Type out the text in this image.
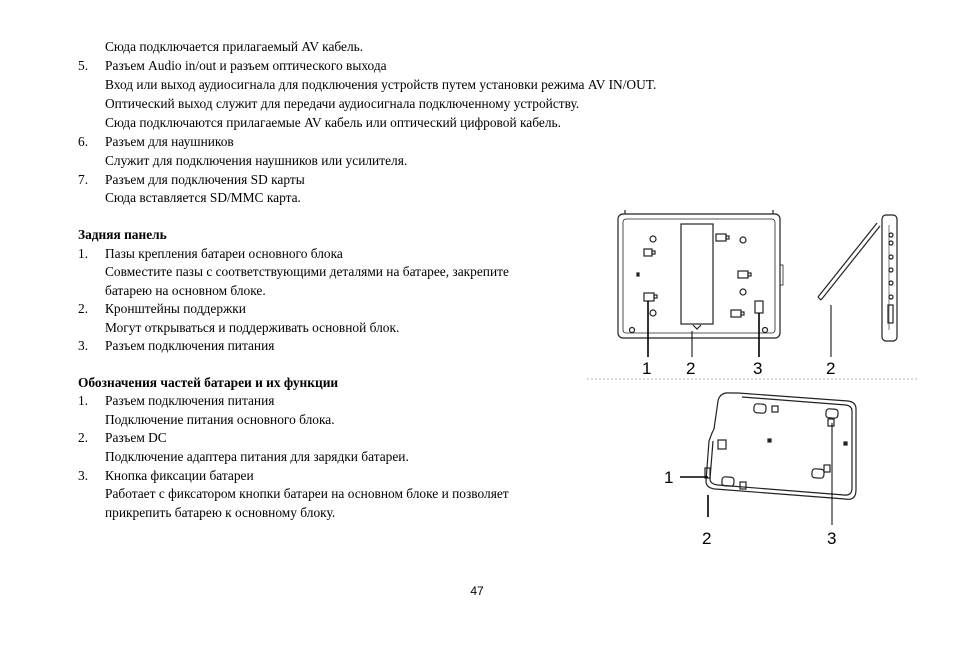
Сюда подключается прилагаемый AV кабель.
5. Разъем Audio in/out и разъем оптического выхода
Вход или выход аудиосигнала для подключения устройств путем установки режима AV IN/OUT.
Оптический выход служит для передачи аудиосигнала подключенному устройству.
Сюда подключаются прилагаемые AV кабель или оптический цифровой кабель.
6. Разъем для наушников
Служит для подключения наушников или усилителя.
7. Разъем для подключения SD карты
Сюда вставляется SD/MMC карта.
Задняя панель
1. Пазы крепления батареи основного блока
Совместите пазы с соответствующими деталями на батарее, закрепите
батарею на основном блоке.
2. Кронштейны поддержки
Могут открываться и поддерживать основной блок.
3. Разъем подключения питания
Обозначения частей батареи и их функции
1. Разъем подключения питания
Подключение питания основного блока.
2. Разъем DC
Подключение адаптера питания для зарядки батареи.
3. Кнопка фиксации батареи
Работает с фиксатором кнопки батареи на основном блоке и позволяет
прикрепить батарею к основному блоку.
1 2	3	2
1
2	3
47
